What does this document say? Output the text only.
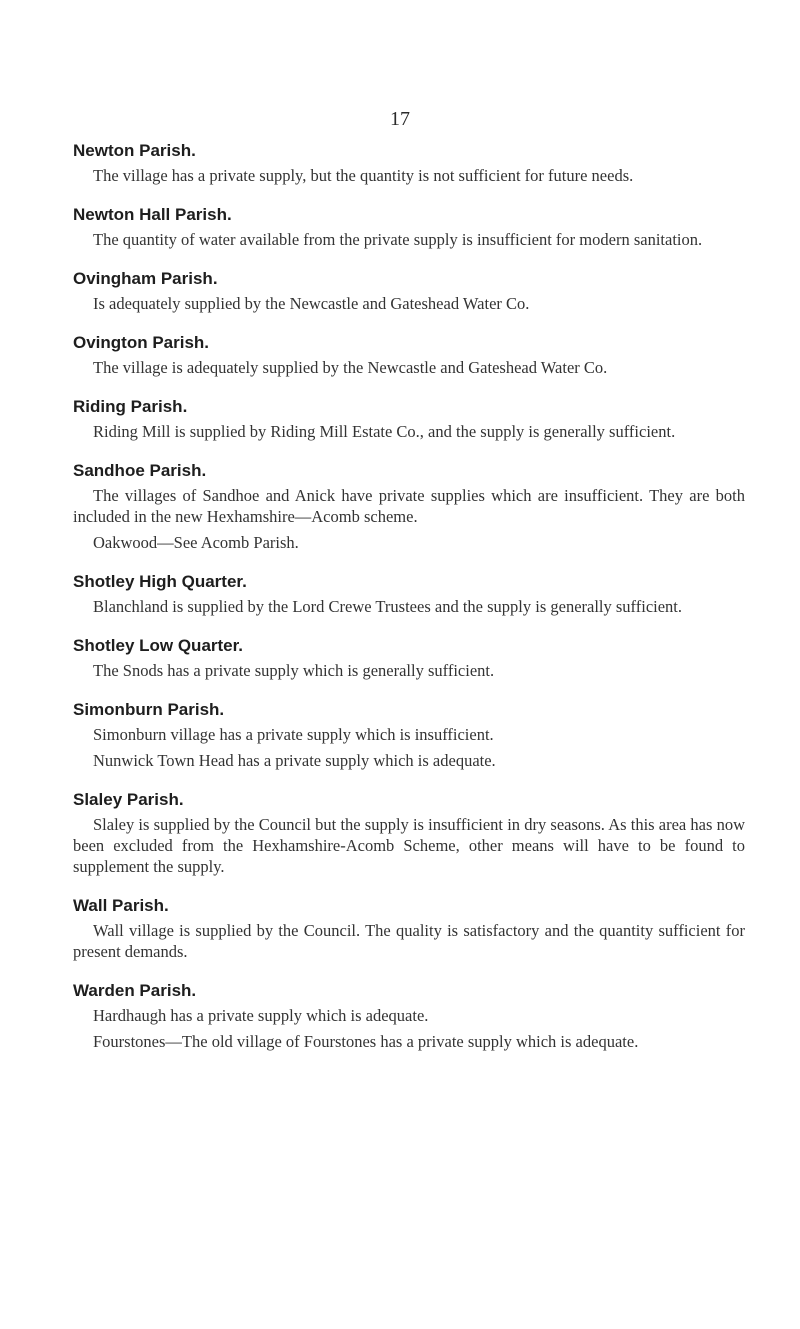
17
Newton Parish.

The village has a private supply, but the quantity is not sufficient for future needs.

Newton Hall Parish.

The quantity of water available from the private supply is insufficient for modern sanitation.

Ovingham Parish.

Is adequately supplied by the Newcastle and Gateshead Water Co.

Ovington Parish.

The village is adequately supplied by the Newcastle and Gateshead Water Co.

Riding Parish.

Riding Mill is supplied by Riding Mill Estate Co., and the supply is generally sufficient.

Sandhoe Parish.

The villages of Sandhoe and Anick have private supplies which are insufficient. They are both included in the new Hexhamshire—Acomb scheme.

Oakwood—See Acomb Parish.

Shotley High Quarter.

Blanchland is supplied by the Lord Crewe Trustees and the supply is generally sufficient.

Shotley Low Quarter.

The Snods has a private supply which is generally sufficient.

Simonburn Parish.

Simonburn village has a private supply which is insufficient.

Nunwick Town Head has a private supply which is adequate.

Slaley Parish.

Slaley is supplied by the Council but the supply is insufficient in dry seasons. As this area has now been excluded from the Hexhamshire-Acomb Scheme, other means will have to be found to supplement the supply.

Wall Parish.

Wall village is supplied by the Council. The quality is satisfactory and the quantity sufficient for present demands.

Warden Parish.

Hardhaugh has a private supply which is adequate.

Fourstones—The old village of Fourstones has a private supply which is adequate.
